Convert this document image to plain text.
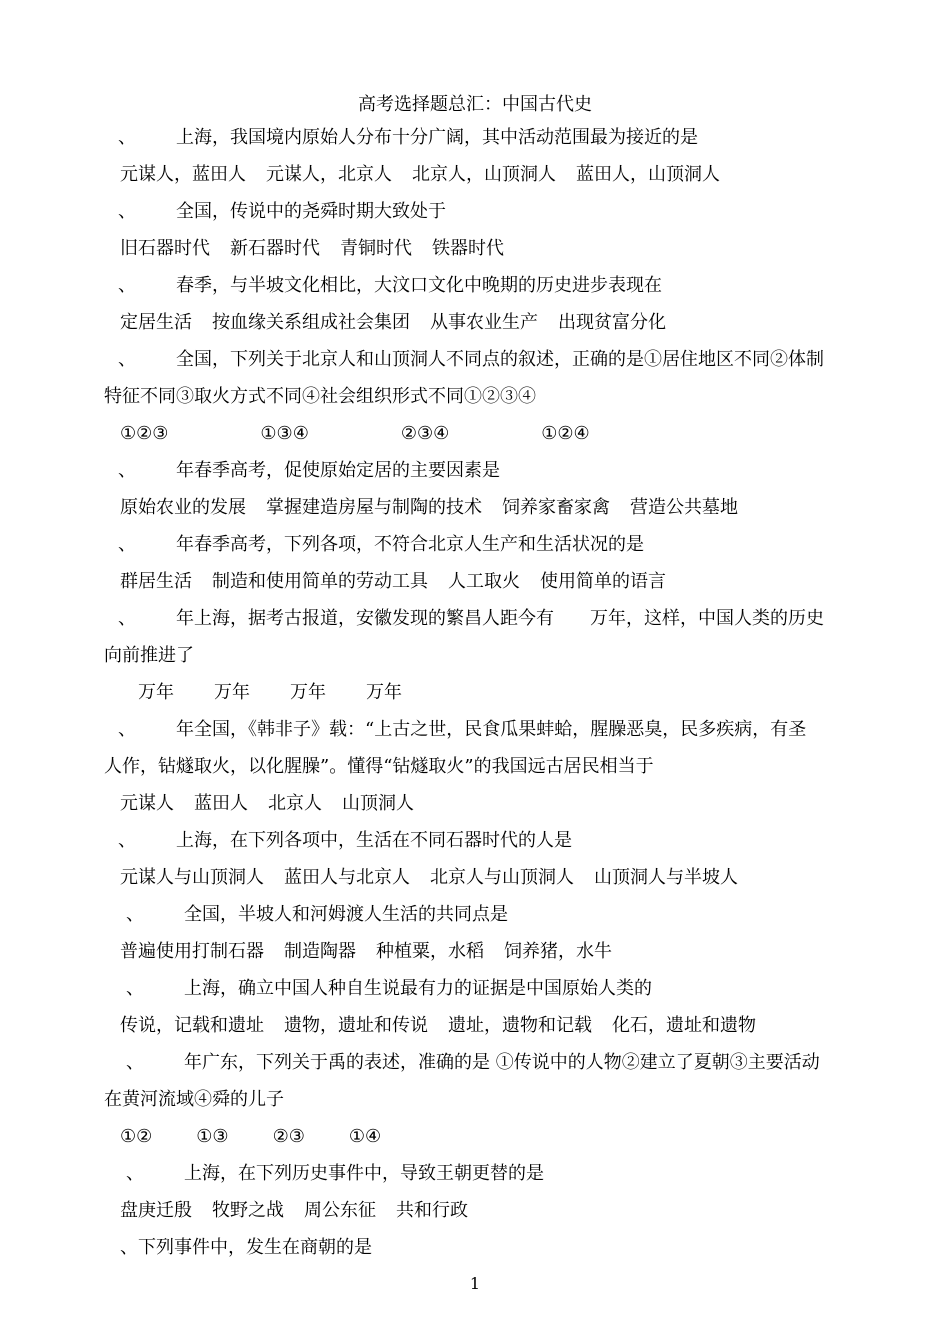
高考选择题总汇：中国古代史
、 上海，我国境内原始人分布十分广阔，其中活动范围最为接近的是
元谋人，蓝田人 元谋人，北京人 北京人，山顶洞人 蓝田人，山顶洞人
、 全国，传说中的尧舜时期大致处于
旧石器时代 新石器时代 青铜时代 铁器时代
、 春季，与半坡文化相比，大汶口文化中晚期的历史进步表现在
定居生活 按血缘关系组成社会集团 从事农业生产 出现贫富分化
、 全国，下列关于北京人和山顶洞人不同点的叙述，正确的是①居住地区不同②体制
特征不同③取火方式不同④社会组织形式不同①②③④
①②③	①③④	②③④	①②④
、 年春季高考，促使原始定居的主要因素是
原始农业的发展 掌握建造房屋与制陶的技术 饲养家畜家禽 营造公共墓地
、 年春季高考，下列各项，不符合北京人生产和生活状况的是
群居生活 制造和使用简单的劳动工具 人工取火 使用简单的语言
、 年上海，据考古报道，安徽发现的繁昌人距今有　　万年，这样，中国人类的历史
向前推进了
万年 万年 万年 万年
、 年全国，《韩非子》载：“上古之世，民食瓜果蚌蛤，腥臊恶臭，民多疾病，有圣
人作，钻燧取火，以化腥臊”。懂得“钻燧取火”的我国远古居民相当于
元谋人 蓝田人 北京人 山顶洞人
、 上海，在下列各项中，生活在不同石器时代的人是
元谋人与山顶洞人 蓝田人与北京人 北京人与山顶洞人 山顶洞人与半坡人
、 全国，半坡人和河姆渡人生活的共同点是
普遍使用打制石器 制造陶器 种植粟，水稻 饲养猪，水牛
、 上海，确立中国人种自生说最有力的证据是中国原始人类的
传说，记载和遗址 遗物，遗址和传说 遗址，遗物和记载 化石，遗址和遗物
、 年广东，下列关于禹的表述，准确的是 ①传说中的人物②建立了夏朝③主要活动
在黄河流域④舜的儿子
①② ①③ ②③ ①④
、 上海，在下列历史事件中，导致王朝更替的是
盘庚迁殷 牧野之战 周公东征 共和行政
、下列事件中，发生在商朝的是
1
